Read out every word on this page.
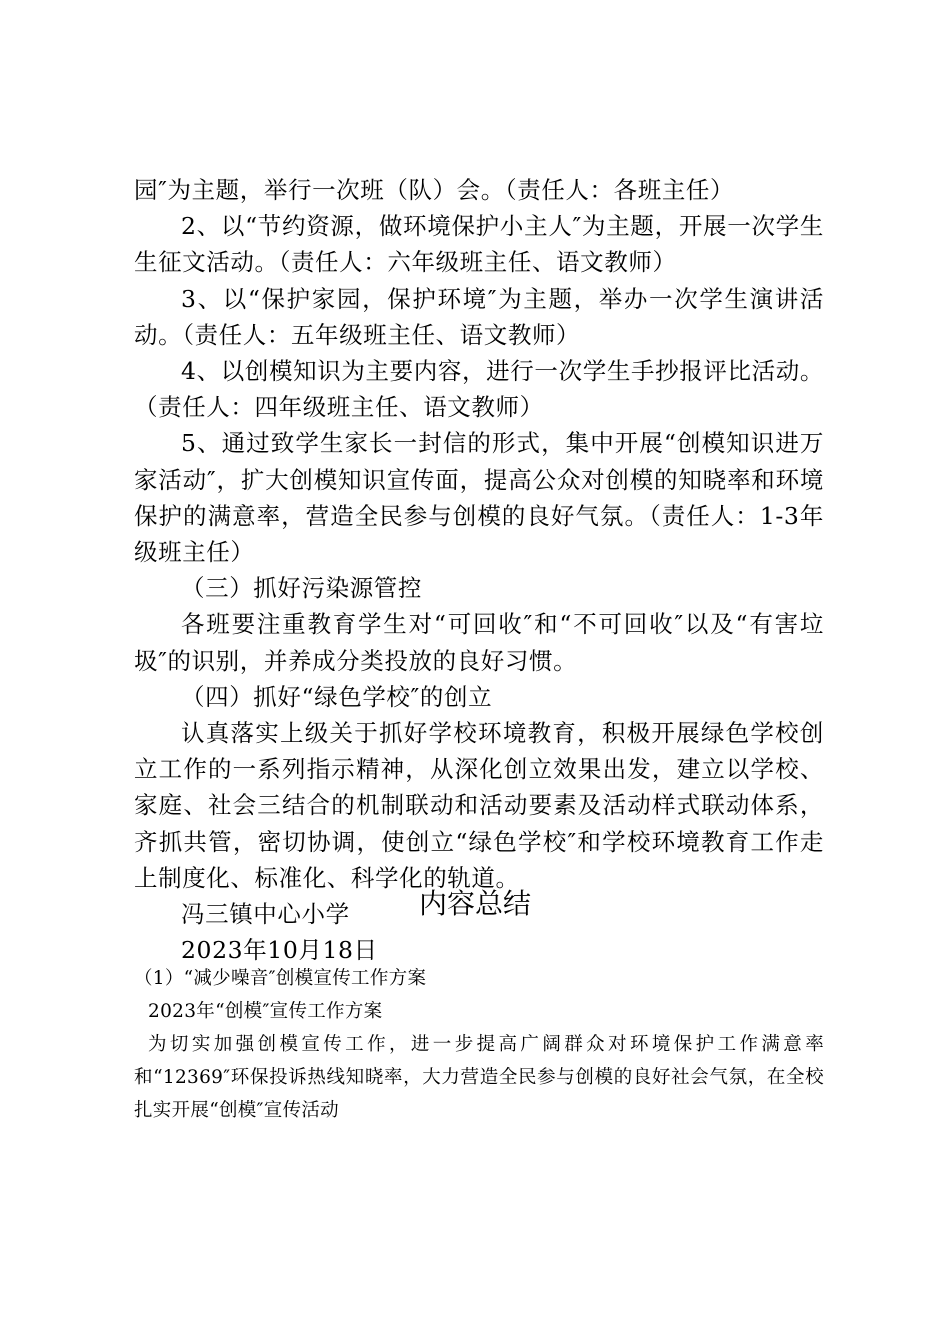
园″为主题，举行一次班（队）会。（责任人：各班主任）

2、以“节约资源，做环境保护小主人″为主题，开展一次学生生征文活动。（责任人：六年级班主任、语文教师）

3、以“保护家园，保护环境″为主题，举办一次学生演讲活动。（责任人：五年级班主任、语文教师）

4、以创模知识为主要内容，进行一次学生手抄报评比活动。（责任人：四年级班主任、语文教师）

5、通过致学生家长一封信的形式，集中开展“创模知识进万家活动″，扩大创模知识宣传面，提高公众对创模的知晓率和环境保护的满意率，营造全民参与创模的良好气氛。（责任人：1-3年级班主任）

（三）抓好污染源管控

各班要注重教育学生对“可回收″和“不可回收″以及“有害垃圾″的识别，并养成分类投放的良好习惯。

（四）抓好“绿色学校″的创立

认真落实上级关于抓好学校环境教育，积极开展绿色学校创立工作的一系列指示精神，从深化创立效果出发，建立以学校、家庭、社会三结合的机制联动和活动要素及活动样式联动体系，齐抓共管，密切协调，使创立“绿色学校″和学校环境教育工作走上制度化、标准化、科学化的轨道。

冯三镇中心小学

2023年10月18日

内容总结

（1）“减少噪音″创模宣传工作方案

2023年“创模″宣传工作方案

为切实加强创模宣传工作，进一步提高广阔群众对环境保护工作满意率和“12369″环保投诉热线知晓率，大力营造全民参与创模的良好社会气氛，在全校扎实开展“创模″宣传活动
